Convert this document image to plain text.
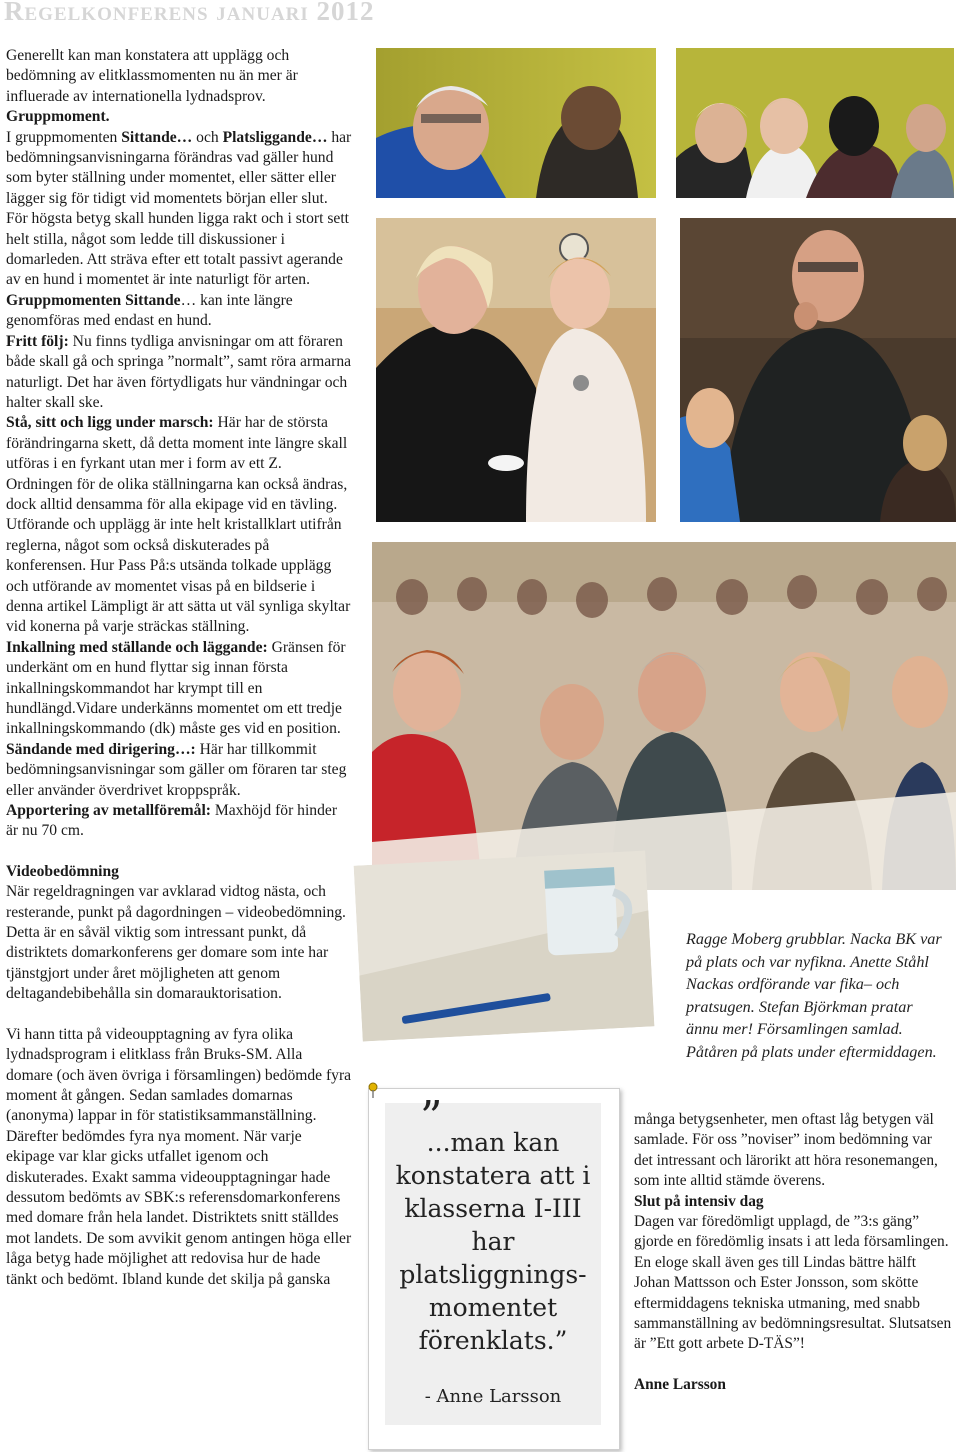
Regelkonferens januari 2012

Generellt kan man konstatera att upplägg och bedömning av elitklassmomenten nu än mer är influerade av internationella lydnadsprov.

Gruppmoment.

I gruppmomenten Sittande… och Platsliggande… har bedömningsanvisningarna förändras vad gäller hund som byter ställning under momentet, eller sätter eller lägger sig för tidigt vid momentets början eller slut. För högsta betyg skall hunden ligga rakt och i stort sett helt stilla, något som ledde till diskussioner i domarleden. Att sträva efter ett totalt passivt agerande av en hund i momentet är inte naturligt för arten.

Gruppmomenten Sittande… kan inte längre genomföras med endast en hund.

Fritt följ: Nu finns tydliga anvisningar om att föraren både skall gå och springa ”normalt”, samt röra armarna naturligt. Det har även förtydligats hur vändningar och halter skall ske.

Stå, sitt och ligg under marsch: Här har de största förändringarna skett, då detta moment inte längre skall utföras i en fyrkant utan mer i form av ett Z. Ordningen för de olika ställningarna kan också ändras, dock alltid densamma för alla ekipage vid en tävling. Utförande och upplägg är inte helt kristallklart utifrån reglerna, något som också diskuterades på konferensen. Hur Pass På:s utsända tolkade upplägg och utförande av momentet visas på en bildserie i denna artikel Lämpligt är att sätta ut väl synliga skyltar vid konerna på varje sträckas ställning.

Inkallning med ställande och läggande: Gränsen för underkänt om en hund flyttar sig innan första inkallningskommandot har krympt till en hundlängd.Vidare underkänns momentet om ett tredje inkallningskommando (dk) måste ges vid en position.

Sändande med dirigering…: Här har tillkommit bedömningsanvisningar som gäller om föraren tar steg eller använder överdrivet kroppspråk.

Apportering av metallföremål: Maxhöjd för hinder är nu 70 cm.

Videobedömning

När regeldragningen var avklarad vidtog nästa, och resterande, punkt på dagordningen – videobedömning. Detta är en såväl viktig som intressant punkt, då distriktets domarkonferens ger domare som inte har tjänstgjort under året möjligheten att genom deltagandebibehålla sin domarauktorisation.

Vi hann titta på videoupptagning av fyra olika lydnadsprogram i elitklass från Bruks-SM. Alla domare (och även övriga i församlingen) bedömde fyra moment åt gången. Sedan samlades domarnas (anonyma) lappar in för statistiksammanställning. Därefter bedömdes fyra nya moment. När varje ekipage var klar gicks utfallet igenom och diskuterades. Exakt samma videoupptagningar hade dessutom bedömts av SBK:s referensdomarkonferens med domare från hela landet. Distriktets snitt ställdes mot landets. De som avvikit genom antingen höga eller låga betyg hade möjlighet att redovisa hur de hade tänkt och bedömt. Ibland kunde det skilja på ganska

Ragge Moberg grubblar. Nacka BK var på plats och var nyfikna. Anette Ståhl Nackas ordförande var fika– och pratsugen. Stefan Björkman pratar ännu mer! Församlingen samlad. Påtåren på plats under eftermiddagen.
”
...man kan konstatera att i klasserna I-III har platsliggnings-momentet förenklats.”
- Anne Larsson

många betygsenheter, men oftast låg betygen väl samlade. För oss ”noviser” inom bedömning var det intressant och lärorikt att höra resonemangen, som inte alltid stämde överens.

Slut på intensiv dag

Dagen var föredömligt upplagd, de ”3:s gäng” gjorde en föredömlig insats i att leda församlingen. En eloge skall även ges till Lindas bättre hälft Johan Mattsson och Ester Jonsson, som skötte eftermiddagens tekniska utmaning, med snabb sammanställning av bedömningsresultat. Slutsatsen är ”Ett gott arbete D-TÄS”!

Anne Larsson
